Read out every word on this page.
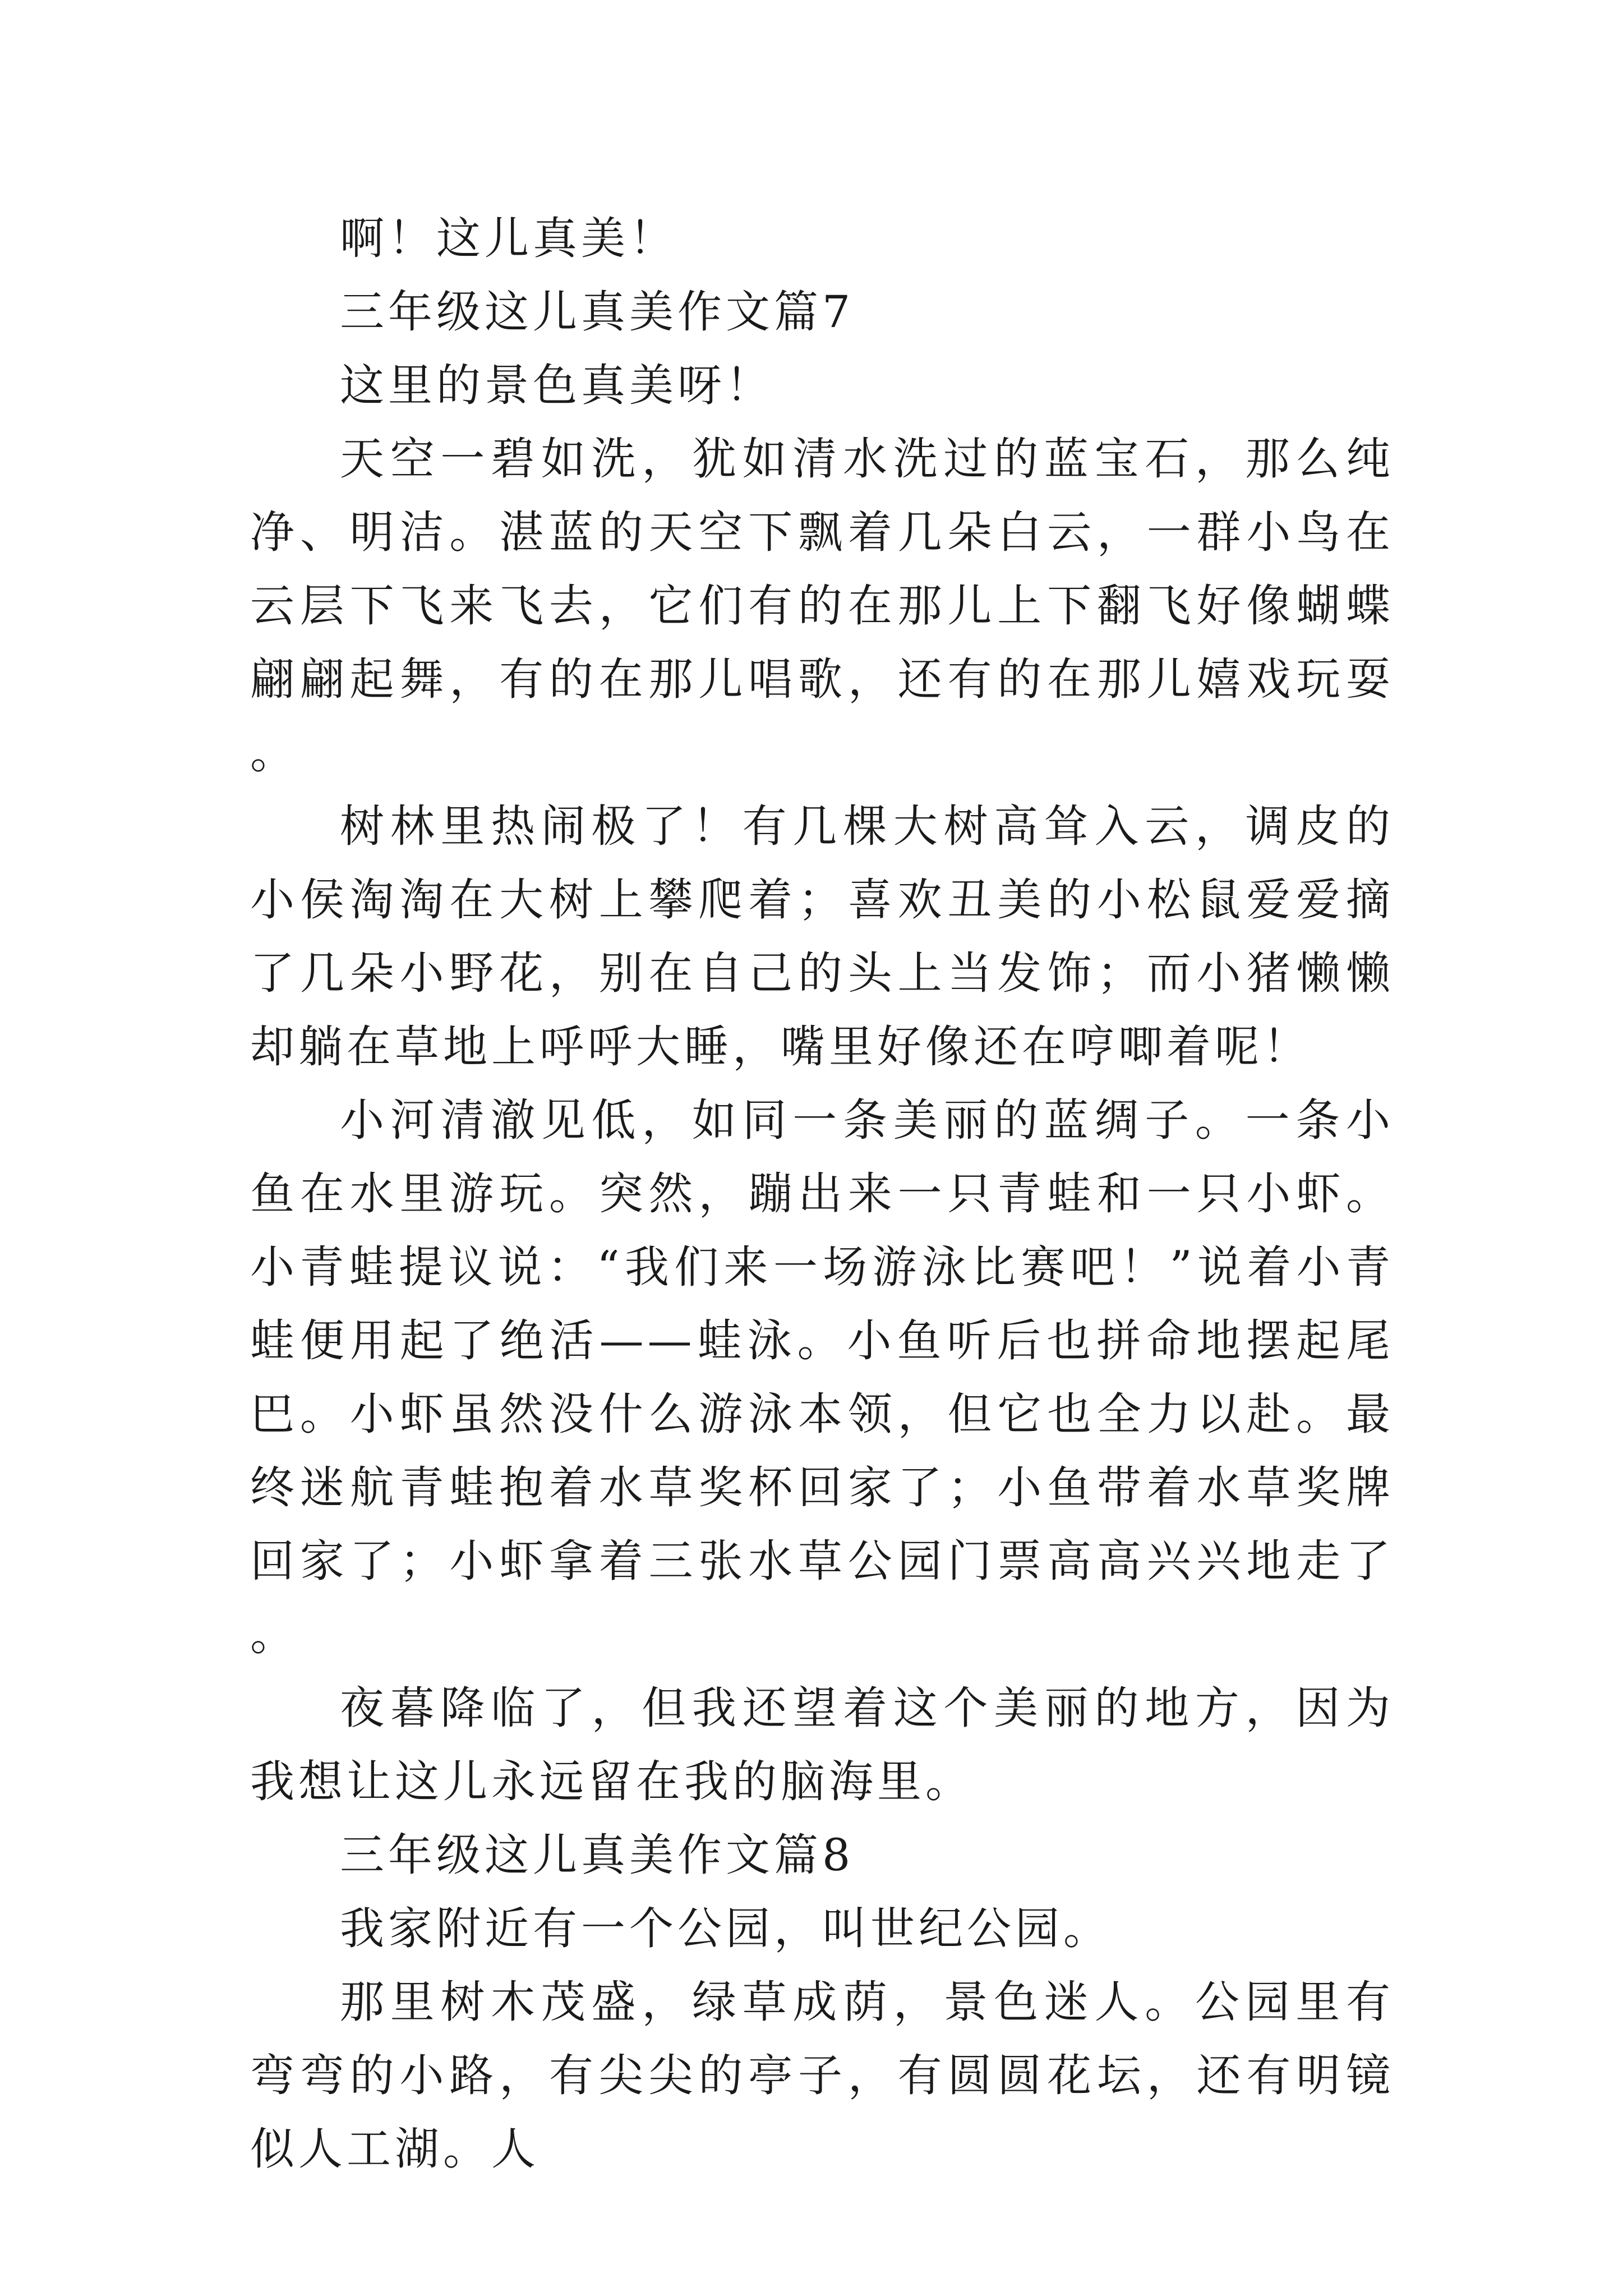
啊！这儿真美！

三年级这儿真美作文篇7

这里的景色真美呀！

天空一碧如洗，犹如清水洗过的蓝宝石，那么纯净、明洁。湛蓝的天空下飘着几朵白云，一群小鸟在云层下飞来飞去，它们有的在那儿上下翻飞好像蝴蝶翩翩起舞，有的在那儿唱歌，还有的在那儿嬉戏玩耍。

树林里热闹极了！有几棵大树高耸入云，调皮的小侯淘淘在大树上攀爬着；喜欢丑美的小松鼠爱爱摘了几朵小野花，别在自己的头上当发饰；而小猪懒懒却躺在草地上呼呼大睡，嘴里好像还在哼唧着呢！

小河清澈见低，如同一条美丽的蓝绸子。一条小鱼在水里游玩。突然，蹦出来一只青蛙和一只小虾。小青蛙提议说：“我们来一场游泳比赛吧！”说着小青蛙便用起了绝活——蛙泳。小鱼听后也拼命地摆起尾巴。小虾虽然没什么游泳本领，但它也全力以赴。最终迷航青蛙抱着水草奖杯回家了；小鱼带着水草奖牌回家了；小虾拿着三张水草公园门票高高兴兴地走了。

夜暮降临了，但我还望着这个美丽的地方，因为我想让这儿永远留在我的脑海里。

三年级这儿真美作文篇8

我家附近有一个公园，叫世纪公园。

那里树木茂盛，绿草成荫，景色迷人。公园里有弯弯的小路，有尖尖的亭子，有圆圆花坛，还有明镜似人工湖。人
